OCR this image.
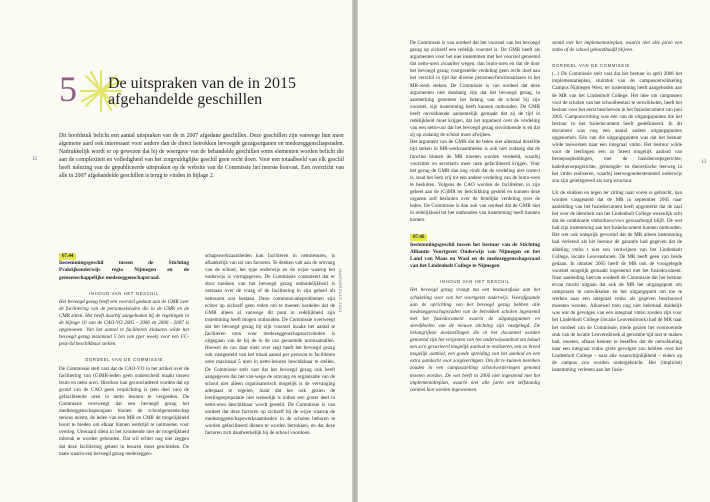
12
5 De uitspraken van de in 2015 afgehandelde geschillen

Dit hoofdstuk belicht een aantal uitspraken van de in 2007 afgedane geschillen. Deze geschillen zijn vanwege hun meer algemene aard ook interessant voor andere dan de direct betrokken bevoegde gezagsorganen en medezeggenschapsraden. Nadrukkelijk wordt er op gewezen dat bij de weergave van de behandelde geschillen soms elementen worden belicht die aan de complexiteit en volledigheid van het zorgvuldiglijke geschil geen recht doen. Voor een totaalbeeld van elk geschil heeft nalezing van de gepubliceerde uitspraken op de website van de Commissie het morste houvast. Een overzicht van alle in 2007 afgehandelde geschillen is terug te vinden in bijlage 2.

07.44

Instemmingsgeschil tussen de Stichting Praktijkonderwijs regio Nijmegen en de gemeenschappelijke medezeggenschapsraad.

INHOUD VAN HET GESCHIL

Het bevoegd gezag heeft een voorstel gedaan aan de GMR over de facilitering van de personeelsleden die in de GMR en de CMR zitten. Het heeft daarbij aangeboden bij de regelingen in de bijlage 10 van de CAO-VO 2005 - 2006 en 2006 - 2007 is opgenomen. Van het aantal te faciliteren klokuren wilde het bevoegd gezag maximaal 5 (en van (per week) voor een FC-post-lid beschikbaar stellen.

OORDEEL VAN DE COMMISSIE

De Commissie stelt vast dat de CAO-VO in het artikel over de facilitering van (G)MR-leden geen onderscheid maakt tussen bruto en netto uren. Hierdoor kan geconcludeerd worden dat op grond van de CAO geen verplichting is (een deel van) de gefaciliteerde uren in netto lesuren te vergoeden. De Commissie overweegt dat een bevoegd gezag het medezeggenschapsorgaan binnen de schoolgemeenschap serieus neemt, de leden van een MR en CMR de mogelijkheid hoort te bieden om elkaar binnen werktijd te ontmoeten voor overleg. Uiteraard dient in het kronkende niet de mogelijkheid inbreuk te worden gebouden. Dat wil echter nog niet zeggen dat deze facilitering geheel in lesuren moet geschieden. De mate waarin een bevoegd gezag medezeggen-

schapswerkzaamheden kan faciliteren in nettolesuren, is afhankelijk van tal van factoren. Te denken valt aan de omvang van de school, het type onderwijs en de wijze waarop het onderwijs is vormgegeven. De Commissie constateert dat er door toedoen van het bevoegd gezag onduidelijkheid is ontstaan over de vraag of de facilitering in zijn geheel uit nettouren zou bestaan. Deze communicatieproblemen zijn echter op zichzelf geen reden om te moeten oordelen dat de GMR alleen al vanwege dit punt in redelijkheid zijn instemming heeft mogen onthouden. De Commissie overweegt dat het bevoegd gezag bij zijn voorstel inzake het aantal te faciliteren uren voor medezeggenschapsactiviteiten is uitgegaan van de bij de in de cao genoemde normaantallen. Hoewel de cao daar niets over zegt heeft het bevoegd gezag ook vastgesteld van het totaal aantal per persoon te faciliteren uren maximaal 5 uren in netto-lesuren beschikbaar te stellen. De Commissie stelt vast dat het bevoegd gezag ook heeft aangegeven dat het van-wege de omvang en organisatie van de school niet alleen organisatorisch mogelijk is de vervanging adequaat te regelen, maar dat het ook gezien de leerlingenpopulatie niet wenselijk is indien een groter deel in netto-uren beschikbaar wordt gesteld. De Commissie is van oordeel dat deze factoren op zichzelf bij de wijze waarop de medezeggenschapswerkzaamheden in de scholen behoren te worden gefaciliteerd dienen te worden betrokken, en dat deze factoren zich daadwerkelijk bij de school voordoen.

JAARVERSLAG 2015
13

De Commissie is van oordeel dat het voorstel van het bevoegd gezag op zichzelf een redelijk voorstel is. De GMR heeft als argumenten voor het niet instemmen met het voorstel genoemd dat netto-uren zwaarder wegen, dan bruto-uren en dat de door het bevoegd gezag voorgestelde verdeling geen recht doet aan het verschil in tijd dat diverse personen/functionarissen in het MR-werk steken. De Commissie is van oordeel dat deze argumenten niet dusdanig zijn dat het bevoegd gezag, in aanmerking genomen het belang van de school bij zijn voorstel, zijn instemming heeft kunnen onthouden. De GMR heeft onvoldoende aannemelijk gemaakt dat zij de tijd in redelijkheid moet krijgen, dat het argument over de verdeling van een netto-uur dat het bevoegd gezag onvoldoende is en dat zij op zodanig de school moet afwijken.

Het argument van de GMR dat de leden niet allemaal dezelfde tijd steken in MR-werkzaamheden is ook niet zodanig dat de functies binnen de MR moeten worden verdeeld, waarbij voorzitter en secretaris meer uren gefaciliteerd krijgen. Voor het gezag de GMR dan nog vindt dat de verdeling niet correct is, staat het hem vrij tot een andere verdeling van de bruto-uren te besluiten. Volgens de CAO worden de faciliteiten in zijn geheel aan de (G)MR ter beschikking gesteld en kunnen deze organen zelf besluiten over de feitelijke verdeling over de leden. De Commissie is dan ook van oordeel dat de GMR niet in redelijkheid tot het onthouden van instemming heeft kunnen komen.

07.46

Instemmingsgeschil tussen het bestuur van de Stichting Alliantie Voortgezet Onderwijs van Nijmegen en het Land van Maas en Waal en de medezeggenschapsraad van het Lindenholt College te Nijmegen

INHOUD VAN HET GESCHIL

Het bevoegd gezag vraagt ma een bestuursfusie aan het schakeling voor van het voortgezet onderwijs. Voorafgaande aan de oprichting van het bevoegd gezag hebben alle medezeggenschapsraden van de betrokken scholen ingestemd met het fusiedocument waarin de uitgangspunten en streefdoelen van de nieuwe stichting zijn vastgelegd. De belangrijkste doelstellingen die in het document worden genoemd zijn het vergroten van het onderwijsaanbod om lokaal een zo'n gevarieerd mogelijk aanbod te realiseren, een zo breed mogelijk aanbod, een goede spreiding van het aanbod en een extra aandacht voor zorgleerlingen. Om dit te kunnen bereiken zouden in een campusstelling schoolvorderingen genomd moeten worden. De wet heeft in 2006 niet ingestemd met het implementatieplan, waarin niet alle jaren een zelfstandig oordeel kon worden ingewonnen.

stemd met het implementatieplan, waarin niet alle jaren een vmbo of de school gehandhaafd blijven.

OORDEEL VAN DE COMMISSIE

(...) De Commissie stelt vast dat het bestuur in april 2006 het implementatieplan, sluitstuk van de campusontwikkeling Campus Nijmegen West, ter instemming heeft aangeboden aan de MR van het Lindenholt College. Het idee om campussen voor de scholen van het schoolbestuur te ontwikkelen, heeft het bestuur voor het eerst beschreven in het fusiedocument van juni 2005. Campusvorming was één van de uitgangspunten die het bestuur in het fusiedocument heeft gedefinieerd. In dit document was nog een aantal andere uitgangspunten opgenomen. Eén van die uitgangspunten was dat het bestuur wilde toewerken naar een integraal vmbo. Het bestuur wilde voor de leerlingen een zo breed mogelijk aanbod van beroepsopleidingen, met de basisberoepsgerichte, kaderberoepsgerichte, gemengde- en theoretische leerweg in het vmbo realiseren, waarbij leerwegondersteunend onderwijs zou zijn geïntegreerd als zorg structuur.

Uit de stukken en tegen ter zitting naar voren is gebracht, kan worden vastgesteld dat de MR in september 2005 naar aanleiding van het fusiedocument heeft opgemerkt dat de zaal het voor de identiteit van het Lindenholt College wezenlijk acht dat de combinatie vmbo/havo/vwo gewaarborgd blijft. De wet had zijn instemming aan het fusiedocument kunnen onthouden. Het wet ook ontsprijk gevormd dat de MR alleen instemming had verleend als het bestuur de garantie had gegeven dat de afdeling vmbo t niet zou verdwijnen van het Lindenholt College, locatie Leuvensbroek. De MR heeft geen van beide gedaan. In oktober 2005 heeft de MR ook de voorgelegde voorstel mogelijk gemaakt ingestemd met het fusiedocument. Naar aanleiding hiervan oordeelt de Commissie dat het bestuur ervan mocht uitgaan dat ook de MR het uitgangspunt om campussen te ontwikkelen en het uitgangspunt om toe te werken naar een integraal vmbo als gegeven beschouwd moesten worden. Alhoewel toen nog niet helemaal duidelijk was wat de gevolgen van een integraal vmbo zouden zijn voor het Lindenholt College (locatie Leuvensbroek) had de MR naar het oordeel van de Commissie, mede gezien het voornoemde stuk van de locatie Leuvensbroek al gerustme tijd niet te maken had, moeten, afhaas kennen te beseffen dat de ontwikkeling naar een integraal vmbo grote gevolgen zou hebben voor het Lindenholt College – naar alle waarschijnlijkheid – eiders op de campus zou worden ondergebracht. Het (impliciet) instemming verlenen aan het fusie-
